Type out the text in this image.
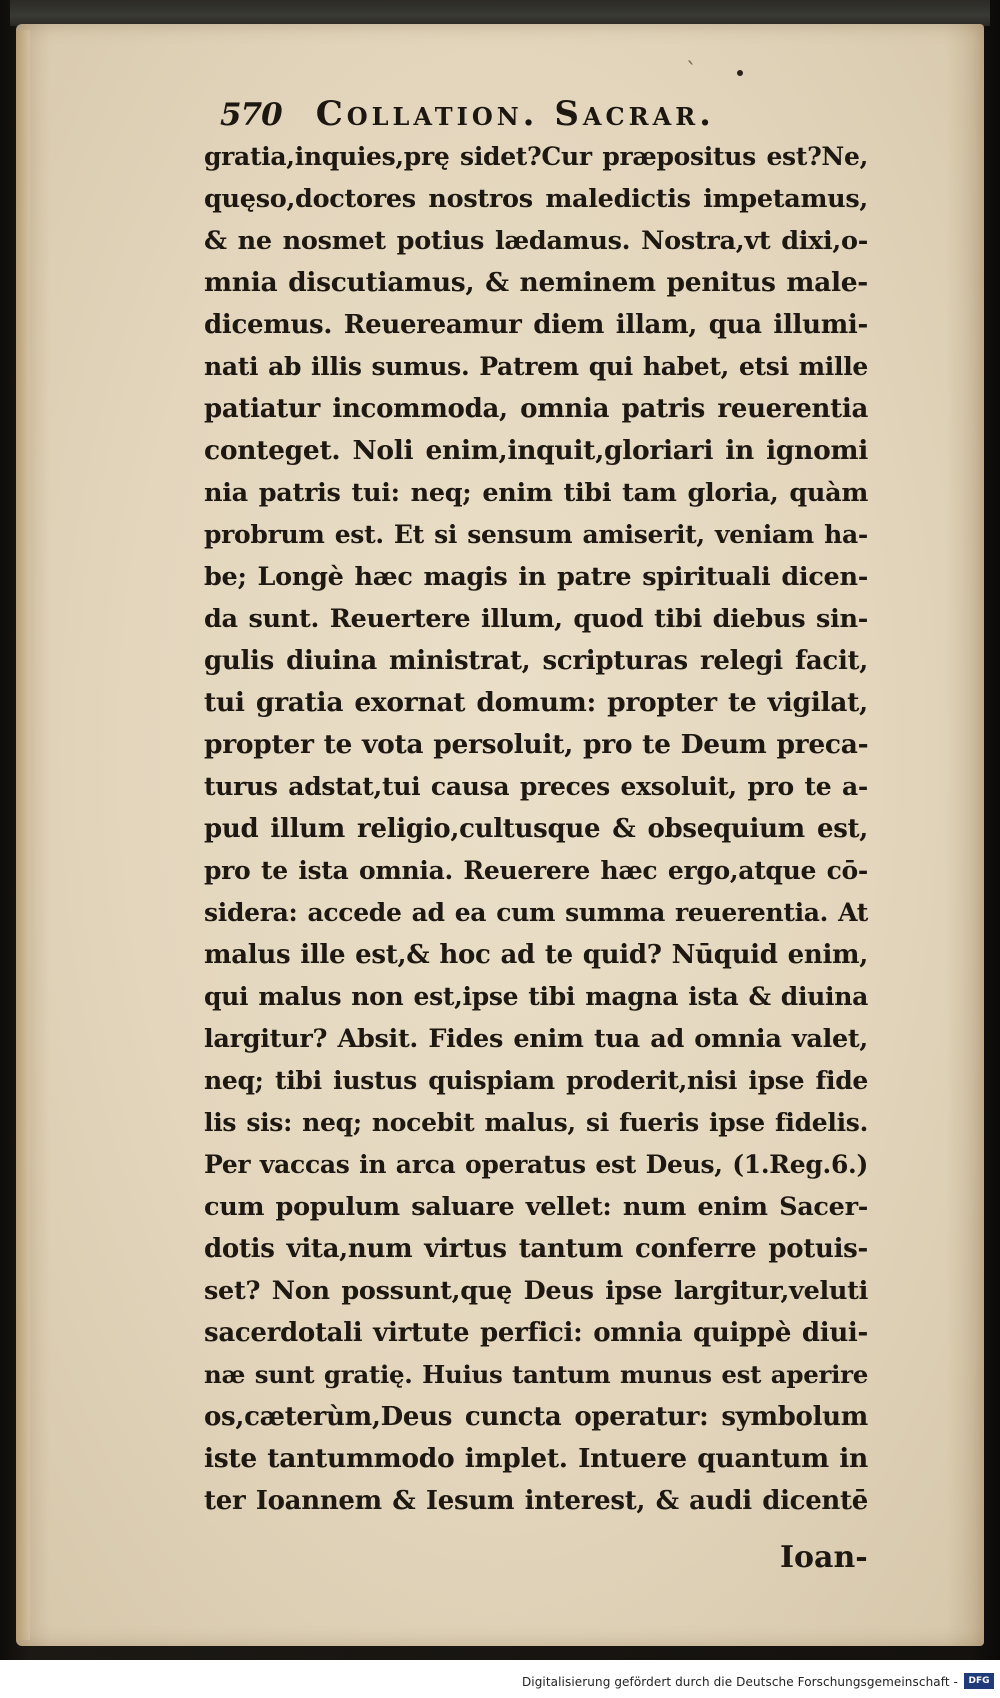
ˎ
570 Collation. Sacrar.
gratia,inquies,prę sidet?Cur præpositus est?Ne,
quęso,doctores nostros maledictis impetamus,
& ne nosmet potius lædamus. Nostra,vt dixi,o-
mnia discutiamus, & neminem penitus male-
dicemus. Reuereamur diem illam, qua illumi-
nati ab illis sumus. Patrem qui habet, etsi mille
patiatur incommoda, omnia patris reuerentia
conteget. Noli enim,inquit,gloriari in ignomi
nia patris tui: neq; enim tibi tam gloria, quàm
probrum est. Et si sensum amiserit, veniam ha-
be; Longè hæc magis in patre spirituali dicen-
da sunt. Reuertere illum, quod tibi diebus sin-
gulis diuina ministrat, scripturas relegi facit,
tui gratia exornat domum: propter te vigilat,
propter te vota persoluit, pro te Deum preca-
turus adstat,tui causa preces exsoluit, pro te a-
pud illum religio,cultusque & obsequium est,
pro te ista omnia. Reuerere hæc ergo,atque cō-
sidera: accede ad ea cum summa reuerentia. At
malus ille est,& hoc ad te quid? Nūquid enim,
qui malus non est,ipse tibi magna ista & diuina
largitur? Absit. Fides enim tua ad omnia valet,
neq; tibi iustus quispiam proderit,nisi ipse fide
lis sis: neq; nocebit malus, si fueris ipse fidelis.
Per vaccas in arca operatus est Deus, (1.Reg.6.)
cum populum saluare vellet: num enim Sacer-
dotis vita,num virtus tantum conferre potuis-
set? Non possunt,quę Deus ipse largitur,veluti
sacerdotali virtute perfici: omnia quippè diui-
næ sunt gratię. Huius tantum munus est aperire
os,cæterùm,Deus cuncta operatur: symbolum
iste tantummodo implet. Intuere quantum in
ter Ioannem & Iesum interest, & audi dicentē
Ioan-
Digitalisierung gefördert durch die Deutsche Forschungsgemeinschaft -	DFG
